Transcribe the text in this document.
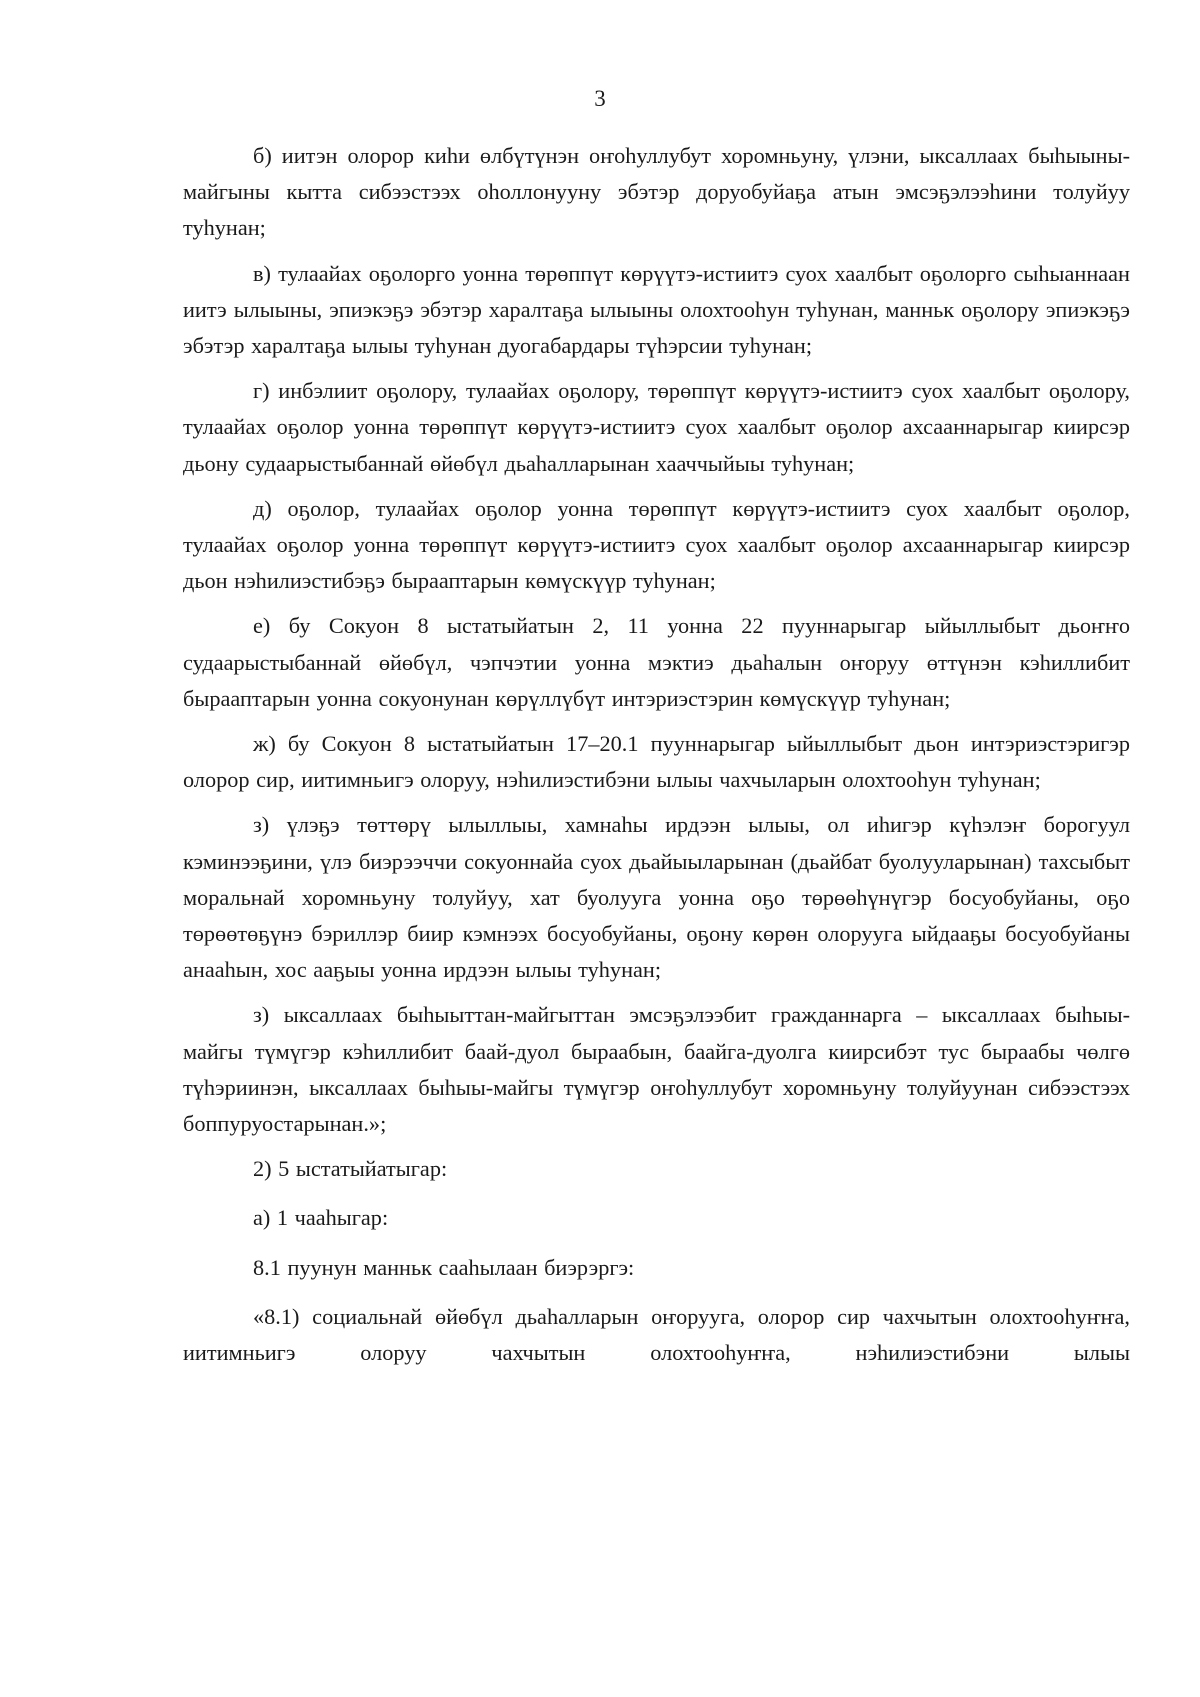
3

б) иитэн олорор киһи өлбүтүнэн оҥоһуллубут хоромньуну, үлэни, ыксаллаах быһыыны-майгыны кытта сибээстээх оһоллонууну эбэтэр доруобуйаҕа атын эмсэҕэлээһини толуйуу туһунан;

в) тулаайах оҕолорго уонна төрөппүт көрүүтэ-истиитэ суох хаалбыт оҕолорго сыһыаннаан иитэ ылыыны, эпиэкэҕэ эбэтэр харалтаҕа ылыыны олохтооһун туһунан, манньк оҕолору эпиэкэҕэ эбэтэр харалтаҕа ылыы туһунан дуогабардары түһэрсии туһунан;

г) инбэлиит оҕолору, тулаайах оҕолору, төрөппүт көрүүтэ-истиитэ суох хаалбыт оҕолору, тулаайах оҕолор уонна төрөппүт көрүүтэ-истиитэ суох хаалбыт оҕолор ахсааннарыгар киирсэр дьону судаарыстыбаннай өйөбүл дьаһалларынан хааччыйыы туһунан;

д) оҕолор, тулаайах оҕолор уонна төрөппүт көрүүтэ-истиитэ суох хаалбыт оҕолор, тулаайах оҕолор уонна төрөппүт көрүүтэ-истиитэ суох хаалбыт оҕолор ахсааннарыгар киирсэр дьон нэһилиэстибэҕэ бырааптарын көмүскүүр туһунан;

е) бу Сокуон 8 ыстатыйатын 2, 11 уонна 22 пууннарыгар ыйыллыбыт дьоҥҥо судаарыстыбаннай өйөбүл, чэпчэтии уонна мэктиэ дьаһалын оҥоруу өттүнэн кэһиллибит бырааптарын уонна сокуонунан көрүллүбүт интэриэстэрин көмүскүүр туһунан;

ж) бу Сокуон 8 ыстатыйатын 17–20.1 пууннарыгар ыйыллыбыт дьон интэриэстэригэр олорор сир, иитимньигэ олоруу, нэһилиэстибэни ылыы чахчыларын олохтооһун туһунан;

з) үлэҕэ төттөрү ылыллыы, хамнаһы ирдээн ылыы, ол иһигэр күһэлэҥ борогуул кэминээҕини, үлэ биэрээччи сокуоннайа суох дьайыыларынан (дьайбат буолууларынан) тахсыбыт моральнай хоромньуну толуйуу, хат буолууга уонна оҕо төрөөһүнүгэр босуобуйаны, оҕо төрөөтөҕүнэ бэриллэр биир кэмнээх босуобуйаны, оҕону көрөн олорууга ыйдааҕы босуобуйаны анааһын, хос ааҕыы уонна ирдээн ылыы туһунан;

з) ыксаллаах быһыыттан-майгыттан эмсэҕэлээбит гражданнарга – ыксаллаах быһыы-майгы түмүгэр кэһиллибит баай-дуол быраабын, баайга-дуолга киирсибэт тус быраабы чөлгө түһэриинэн, ыксаллаах быһыы-майгы түмүгэр оҥоһуллубут хоромньуну толуйуунан сибээстээх боппуруостарынан.»;

2) 5 ыстатыйатыгар:

а) 1 чааһыгар:

8.1 пуунун манньк сааһылаан биэрэргэ:

«8.1) социальнай өйөбүл дьаһалларын оҥорууга, олорор сир чахчытын олохтооһуҥҥа, иитимньигэ олоруу чахчытын олохтооһуҥҥа, нэһилиэстибэни ылыы
